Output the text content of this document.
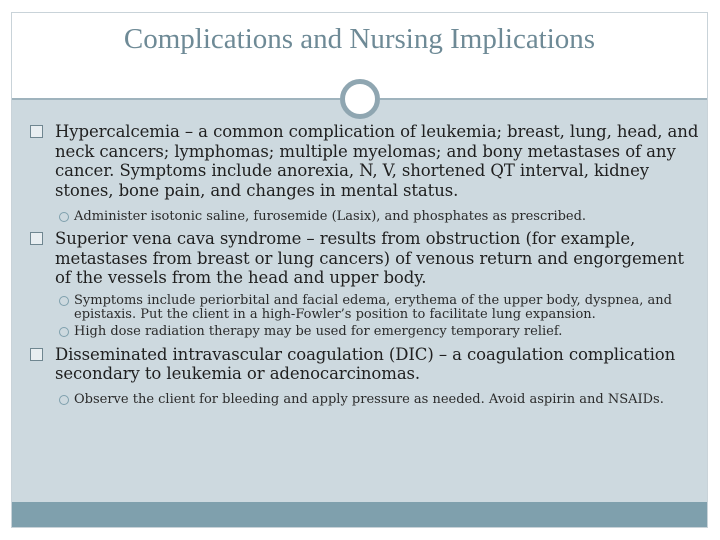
Complications and Nursing Implications
Hypercalcemia – a common complication of leukemia; breast, lung, head, and neck cancers; lymphomas; multiple myelomas; and bony metastases of any cancer. Symptoms include anorexia, N, V, shortened QT interval, kidney stones, bone pain, and changes in mental status.
Administer isotonic saline, furosemide (Lasix), and phosphates as prescribed.
Superior vena cava syndrome – results from obstruction (for example, metastases from breast or lung cancers) of venous return and engorgement of the vessels from the head and upper body.
Symptoms include periorbital and facial edema, erythema of the upper body, dyspnea, and epistaxis. Put the client in a high-Fowler’s position to facilitate lung expansion.
High dose radiation therapy may be used for emergency temporary relief.
Disseminated intravascular coagulation (DIC) – a coagulation complication secondary to leukemia or adenocarcinomas.
Observe the client for bleeding and apply pressure as needed. Avoid aspirin and NSAIDs.
